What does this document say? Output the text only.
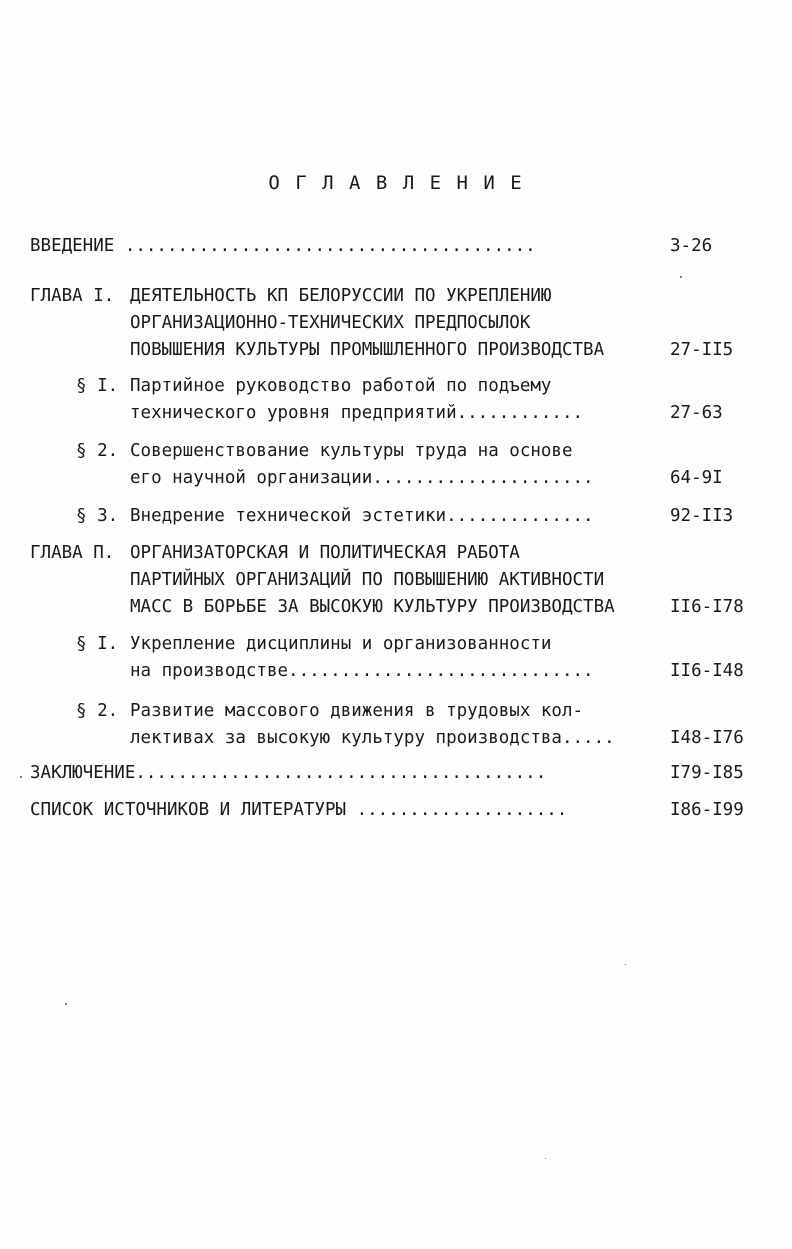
О Г Л А В Л Е Н И Е
ВВЕДЕНИЕ .......................................	3-26
ГЛАВА I. ДЕЯТЕЛЬНОСТЬ КП БЕЛОРУССИИ ПО УКРЕПЛЕНИЮ
ОРГАНИЗАЦИОННО-ТЕХНИЧЕСКИХ ПРЕДПОСЫЛОК
ПОВЫШЕНИЯ КУЛЬТУРЫ ПРОМЫШЛЕННОГО ПРОИЗВОДСТВА	27-II5
§ I. Партийное руководство работой по подъему
технического уровня предприятий............	27-63
§ 2. Совершенствование культуры труда на основе
его научной организации.....................	64-9I
§ 3. Внедрение технической эстетики..............	92-II3
ГЛАВА П. ОРГАНИЗАТОРСКАЯ И ПОЛИТИЧЕСКАЯ РАБОТА
ПАРТИЙНЫХ ОРГАНИЗАЦИЙ ПО ПОВЫШЕНИЮ АКТИВНОСТИ
МАСС В БОРЬБЕ ЗА ВЫСОКУЮ КУЛЬТУРУ ПРОИЗВОДСТВА	II6-I78
§ I. Укрепление дисциплины и организованности
на производстве.............................	II6-I48
§ 2. Развитие массового движения в трудовых кол-
лективах за высокую культуру производства.....	I48-I76
ЗАКЛЮЧЕНИЕ.......................................	I79-I85
СПИСОК ИСТОЧНИКОВ И ЛИТЕРАТУРЫ ....................	I86-I99
